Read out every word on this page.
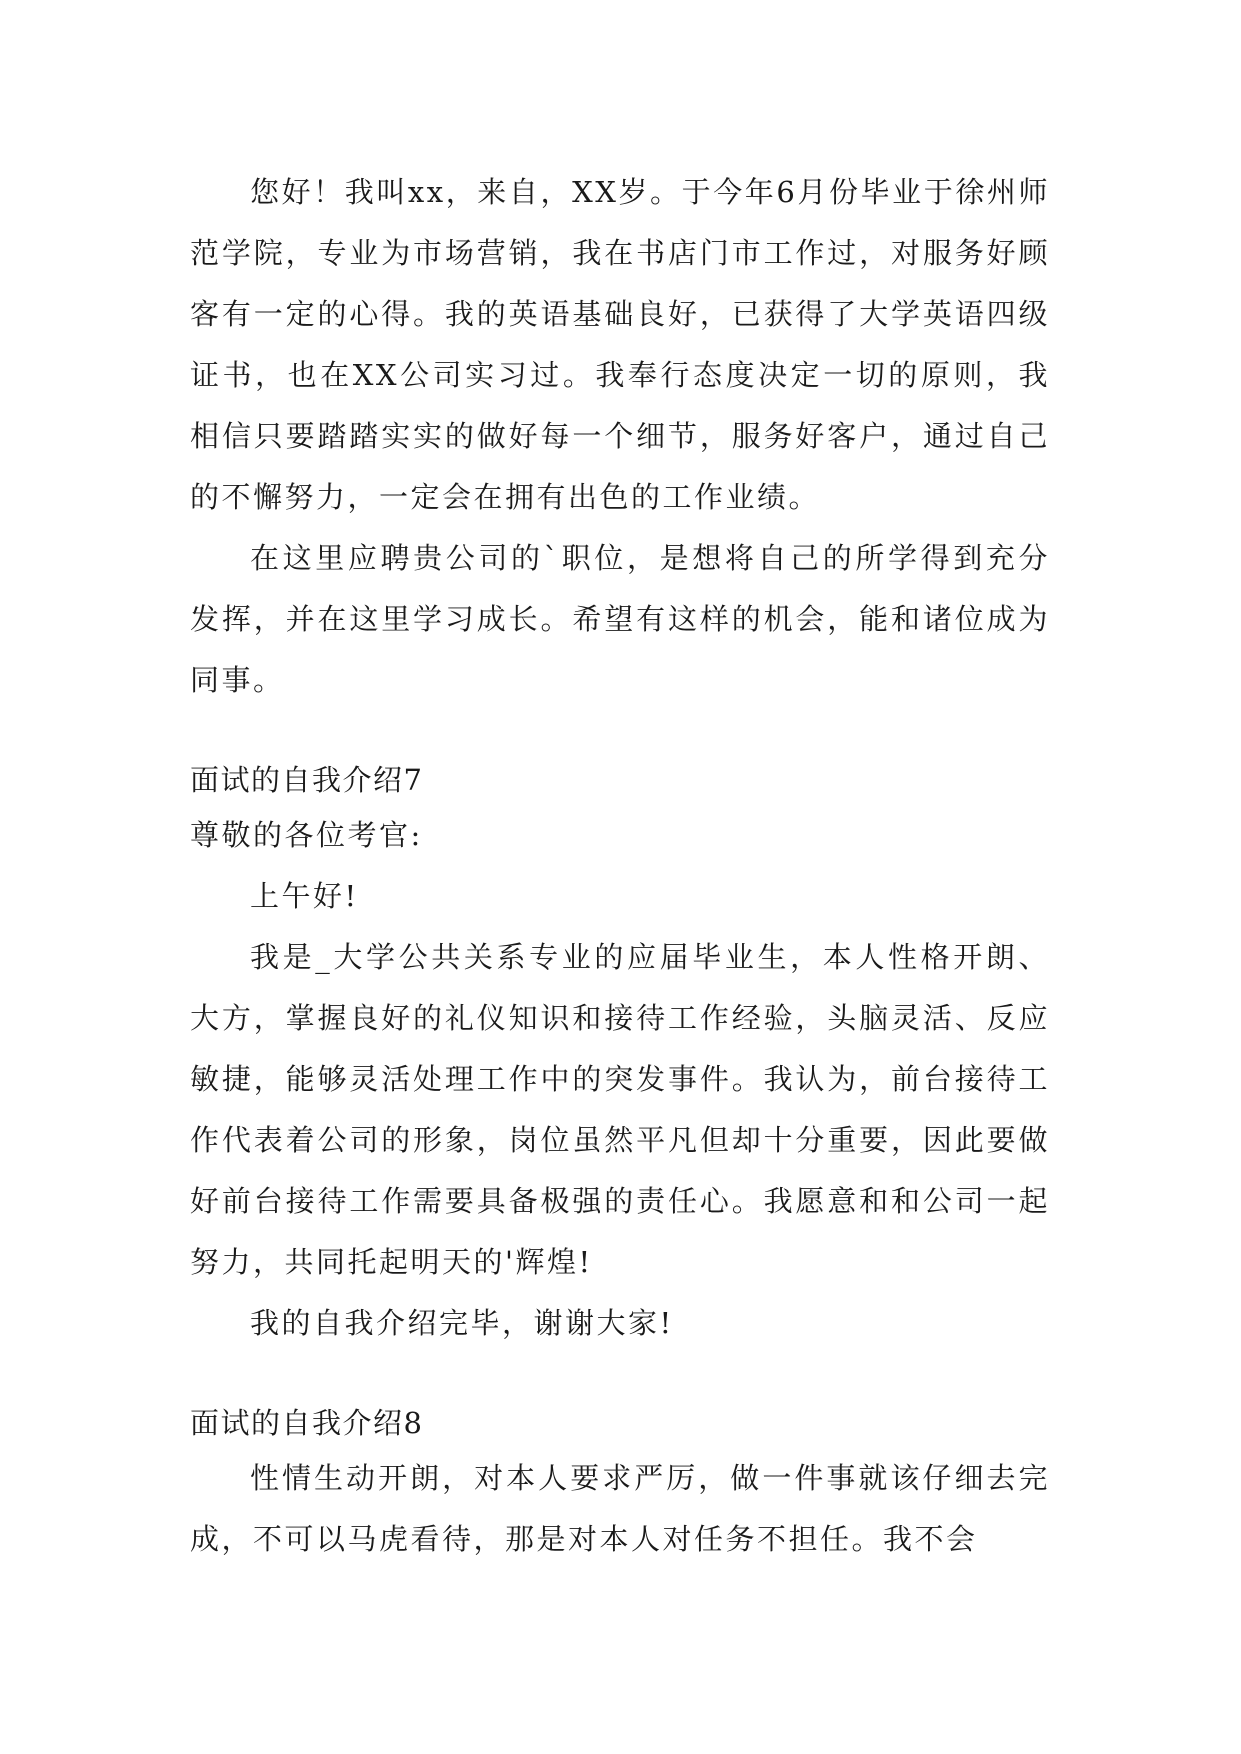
您好！我叫xx，来自，XX岁。于今年6月份毕业于徐州师范学院，专业为市场营销，我在书店门市工作过，对服务好顾客有一定的心得。我的英语基础良好，已获得了大学英语四级证书，也在XX公司实习过。我奉行态度决定一切的原则，我相信只要踏踏实实的做好每一个细节，服务好客户，通过自己的不懈努力，一定会在拥有出色的工作业绩。

在这里应聘贵公司的`职位，是想将自己的所学得到充分发挥，并在这里学习成长。希望有这样的机会，能和诸位成为同事。

面试的自我介绍7

尊敬的各位考官:

上午好!

我是_大学公共关系专业的应届毕业生，本人性格开朗、大方，掌握良好的礼仪知识和接待工作经验，头脑灵活、反应敏捷，能够灵活处理工作中的突发事件。我认为，前台接待工作代表着公司的形象，岗位虽然平凡但却十分重要，因此要做好前台接待工作需要具备极强的责任心。我愿意和和公司一起努力，共同托起明天的'辉煌!

我的自我介绍完毕，谢谢大家!

面试的自我介绍8

性情生动开朗，对本人要求严厉，做一件事就该仔细去完成，不可以马虎看待，那是对本人对任务不担任。我不会
